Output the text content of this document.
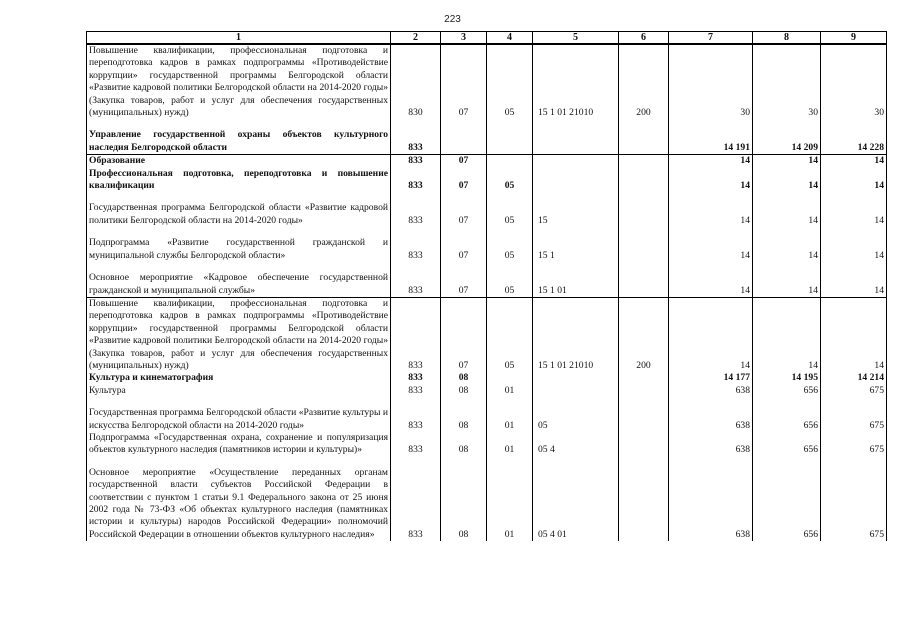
223
1	2	3	4	5	6	7	8	9
Повышение квалификации, профессиональная подготовка и переподготовка кадров в рамках подпрограммы «Противодействие коррупции» государственной программы Белгородской области «Развитие кадровой политики Белгородской области на 2014-2020 годы» (Закупка товаров, работ и услуг для обеспечения государственных (муниципальных) нужд)	830	07	05	15 1 01 21010	200	30	30	30

Управление государственной охраны объектов культурного наследия Белгородской области	833					14 191	14 209	14 228
Образование	833	07				14	14	14
Профессиональная подготовка, переподготовка и повышение квалификации	833	07	05			14	14	14

Государственная программа Белгородской области «Развитие кадровой политики Белгородской области на 2014-2020 годы»	833	07	05	15		14	14	14

Подпрограмма «Развитие государственной гражданской и муниципальной службы Белгородской области»	833	07	05	15 1		14	14	14

Основное мероприятие «Кадровое обеспечение государственной гражданской и муниципальной службы»	833	07	05	15 1 01		14	14	14
Повышение квалификации, профессиональная подготовка и переподготовка кадров в рамках подпрограммы «Противодействие коррупции» государственной программы Белгородской области «Развитие кадровой политики Белгородской области на 2014-2020 годы» (Закупка товаров, работ и услуг для обеспечения государственных (муниципальных) нужд)	833	07	05	15 1 01 21010	200	14	14	14
Культура и кинематография	833	08				14 177	14 195	14 214
Культура	833	08	01			638	656	675

Государственная программа Белгородской области «Развитие культуры и искусства Белгородской области на 2014-2020 годы»	833	08	01	05		638	656	675
Подпрограмма «Государственная охрана, сохранение и популяризация объектов культурного наследия (памятников истории и культуры)»	833	08	01	05 4		638	656	675

Основное мероприятие «Осуществление переданных органам государственной власти субъектов Российской Федерации в соответствии с пунктом 1 статьи 9.1 Федерального закона от 25 июня 2002 года № 73-ФЗ «Об объектах культурного наследия (памятниках истории и культуры) народов Российской Федерации» полномочий Российской Федерации в отношении объектов культурного наследия»	833	08	01	05 4 01		638	656	675
